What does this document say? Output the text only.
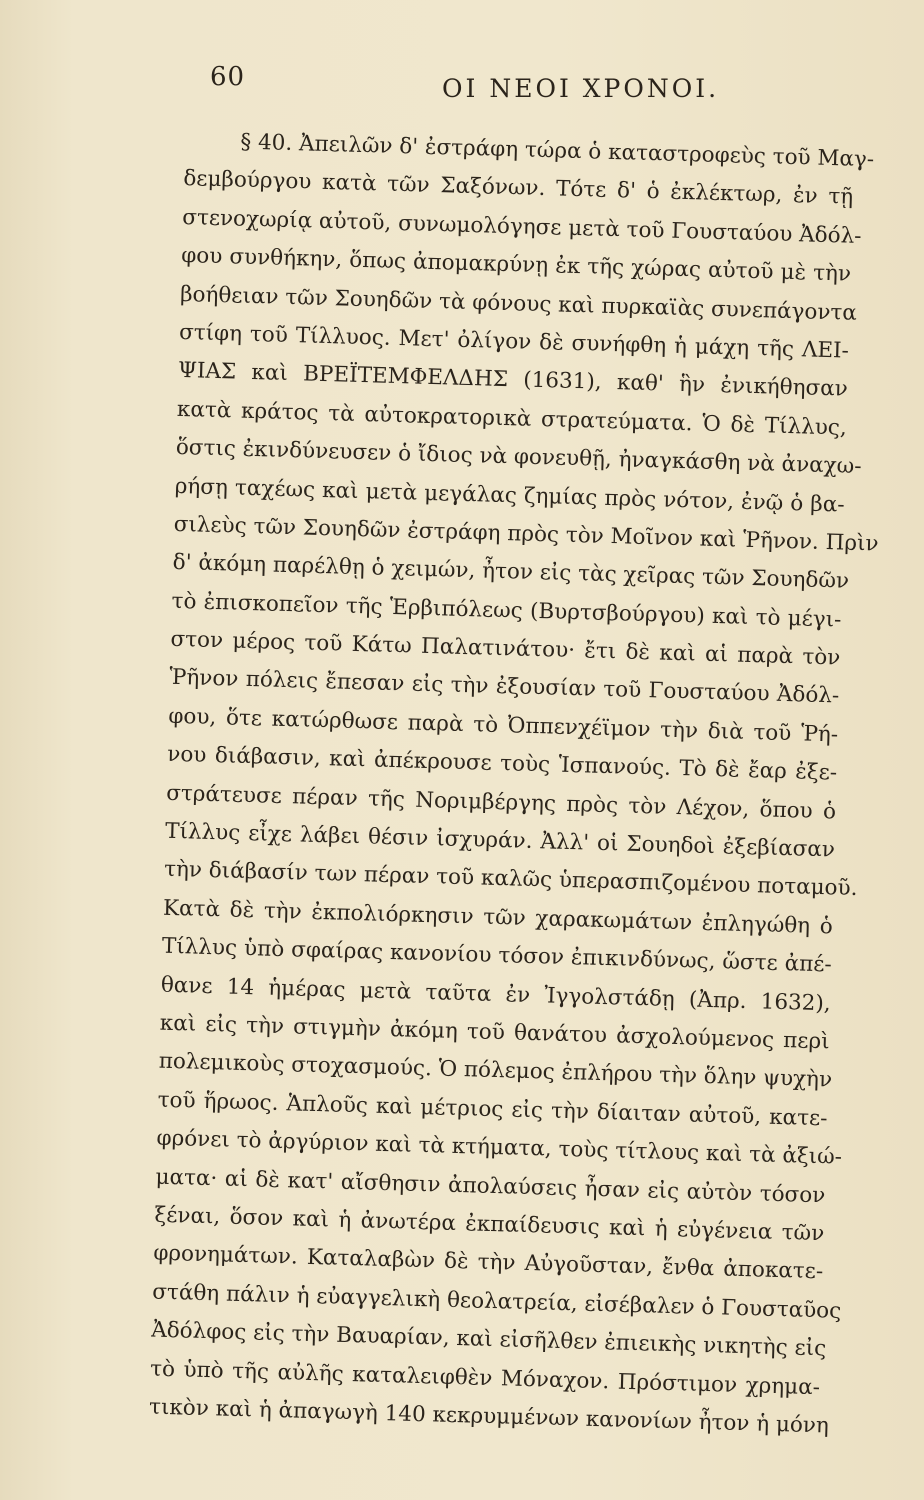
60	ΟΙ ΝΕΟΙ ΧΡΟΝΟΙ.
§ 40. Ἀπειλῶν δ' ἐστράφη τώρα ὁ καταστροφεὺς τοῦ Μαγ-
δεμβούργου κατὰ τῶν Σαξόνων. Τότε δ' ὁ ἐκλέκτωρ, ἐν τῇ
στενοχωρίᾳ αὐτοῦ, συνωμολόγησε μετὰ τοῦ Γουσταύου Ἀδόλ-
φου συνθήκην, ὅπως ἀπομακρύνῃ ἐκ τῆς χώρας αὐτοῦ μὲ τὴν
βοήθειαν τῶν Σουηδῶν τὰ φόνους καὶ πυρκαϊὰς συνεπάγοντα
στίφη τοῦ Τίλλυος. Μετ' ὀλίγον δὲ συνήφθη ἡ μάχη τῆς ΛΕΙ-
ΨΙΑΣ καὶ ΒΡΕΪΤΕΜΦΕΛΔΗΣ (1631), καθ' ἣν ἐνικήθησαν
κατὰ κράτος τὰ αὐτοκρατορικὰ στρατεύματα. Ὁ δὲ Τίλλυς,
ὅστις ἐκινδύνευσεν ὁ ἴδιος νὰ φονευθῇ, ἠναγκάσθη νὰ ἀναχω-
ρήσῃ ταχέως καὶ μετὰ μεγάλας ζημίας πρὸς νότον, ἐνῷ ὁ βα-
σιλεὺς τῶν Σουηδῶν ἐστράφη πρὸς τὸν Μοῖνον καὶ Ῥῆνον. Πρὶν
δ' ἀκόμη παρέλθῃ ὁ χειμών, ἦτον εἰς τὰς χεῖρας τῶν Σουηδῶν
τὸ ἐπισκοπεῖον τῆς Ἑρβιπόλεως (Βυρτσβούργου) καὶ τὸ μέγι-
στον μέρος τοῦ Κάτω Παλατινάτου· ἔτι δὲ καὶ αἱ παρὰ τὸν
Ῥῆνον πόλεις ἔπεσαν εἰς τὴν ἐξουσίαν τοῦ Γουσταύου Ἀδόλ-
φου, ὅτε κατώρθωσε παρὰ τὸ Ὀππενχέϊμον τὴν διὰ τοῦ Ῥή-
νου διάβασιν, καὶ ἀπέκρουσε τοὺς Ἱσπανούς. Τὸ δὲ ἔαρ ἐξε-
στράτευσε πέραν τῆς Νοριμβέργης πρὸς τὸν Λέχον, ὅπου ὁ
Τίλλυς εἶχε λάβει θέσιν ἰσχυράν. Ἀλλ' οἱ Σουηδοὶ ἐξεβίασαν
τὴν διάβασίν των πέραν τοῦ καλῶς ὑπερασπιζομένου ποταμοῦ.
Κατὰ δὲ τὴν ἐκπολιόρκησιν τῶν χαρακωμάτων ἐπληγώθη ὁ
Τίλλυς ὑπὸ σφαίρας κανονίου τόσον ἐπικινδύνως, ὥστε ἀπέ-
θανε 14 ἡμέρας μετὰ ταῦτα ἐν Ἰγγολστάδῃ (Ἀπρ. 1632),
καὶ εἰς τὴν στιγμὴν ἀκόμη τοῦ θανάτου ἀσχολούμενος περὶ
πολεμικοὺς στοχασμούς. Ὁ πόλεμος ἐπλήρου τὴν ὅλην ψυχὴν
τοῦ ἥρωος. Ἁπλοῦς καὶ μέτριος εἰς τὴν δίαιταν αὐτοῦ, κατε-
φρόνει τὸ ἀργύριον καὶ τὰ κτήματα, τοὺς τίτλους καὶ τὰ ἀξιώ-
ματα· αἱ δὲ κατ' αἴσθησιν ἀπολαύσεις ἦσαν εἰς αὐτὸν τόσον
ξέναι, ὅσον καὶ ἡ ἀνωτέρα ἐκπαίδευσις καὶ ἡ εὐγένεια τῶν
φρονημάτων. Καταλαβὼν δὲ τὴν Αὐγοῦσταν, ἔνθα ἀποκατε-
στάθη πάλιν ἡ εὐαγγελικὴ θεολατρεία, εἰσέβαλεν ὁ Γουσταῦος
Ἀδόλφος εἰς τὴν Βαυαρίαν, καὶ εἰσῆλθεν ἐπιεικὴς νικητὴς εἰς
τὸ ὑπὸ τῆς αὐλῆς καταλειφθὲν Μόναχον. Πρόστιμον χρημα-
τικὸν καὶ ἡ ἀπαγωγὴ 140 κεκρυμμένων κανονίων ἦτον ἡ μόνη
